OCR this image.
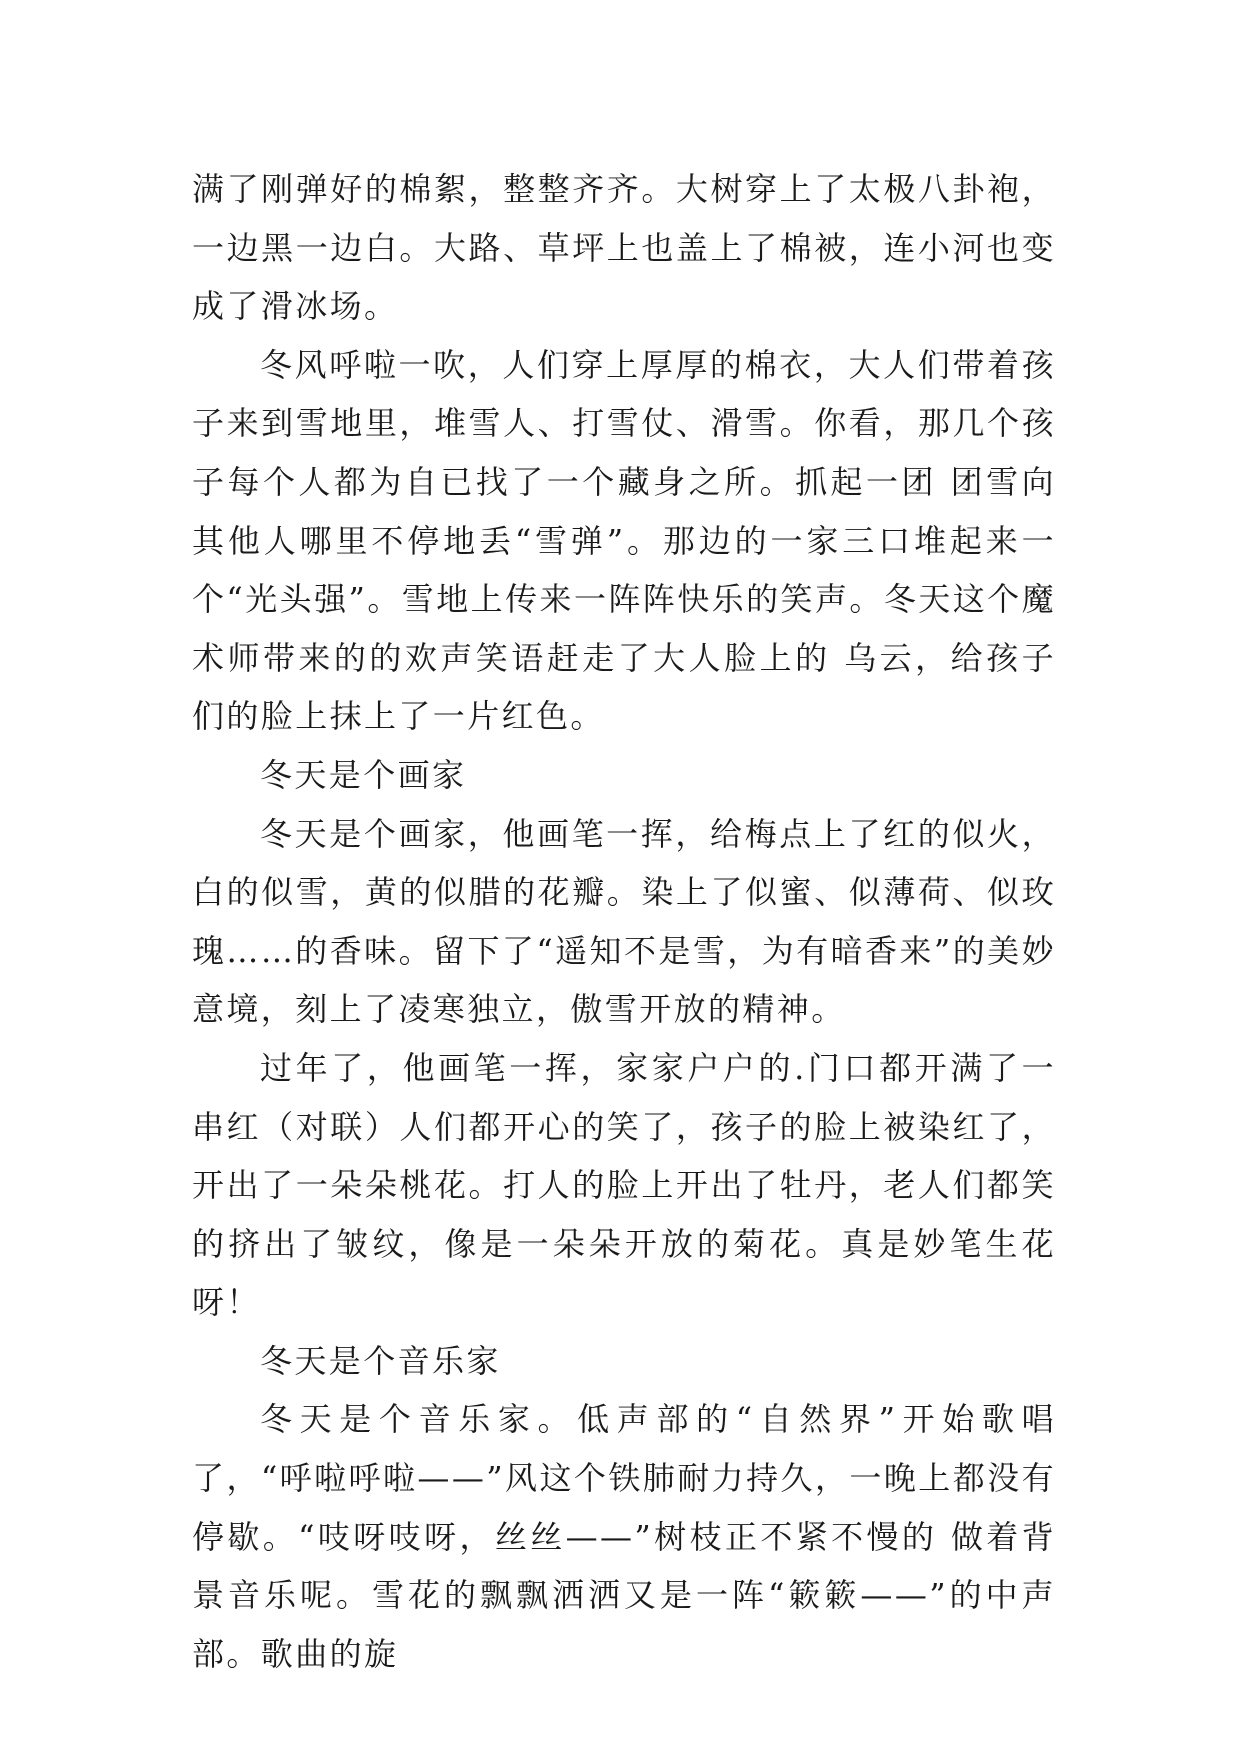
满了刚弹好的棉絮，整整齐齐。大树穿上了太极八卦袍，一边黑一边白。大路、草坪上也盖上了棉被，连小河也变成了滑冰场。

冬风呼啦一吹，人们穿上厚厚的棉衣，大人们带着孩子来到雪地里，堆雪人、打雪仗、滑雪。你看，那几个孩子每个人都为自已找了一个藏身之所。抓起一团 团雪向其他人哪里不停地丢“雪弹”。那边的一家三口堆起来一个“光头强”。雪地上传来一阵阵快乐的笑声。冬天这个魔术师带来的的欢声笑语赶走了大人脸上的 乌云，给孩子们的脸上抹上了一片红色。

冬天是个画家

冬天是个画家，他画笔一挥，给梅点上了红的似火，白的似雪，黄的似腊的花瓣。染上了似蜜、似薄荷、似玫瑰……的香味。留下了“遥知不是雪，为有暗香来”的美妙意境，刻上了凌寒独立，傲雪开放的精神。

过年了，他画笔一挥，家家户户的.门口都开满了一串红（对联）人们都开心的笑了，孩子的脸上被染红了，开出了一朵朵桃花。打人的脸上开出了牡丹，老人们都笑的挤出了皱纹，像是一朵朵开放的菊花。真是妙笔生花呀！

冬天是个音乐家

冬天是个音乐家。低声部的“自然界”开始歌唱了，“呼啦呼啦——”风这个铁肺耐力持久，一晚上都没有停歇。“吱呀吱呀，丝丝——”树枝正不紧不慢的 做着背景音乐呢。雪花的飘飘洒洒又是一阵“簌簌——”的中声部。歌曲的旋
